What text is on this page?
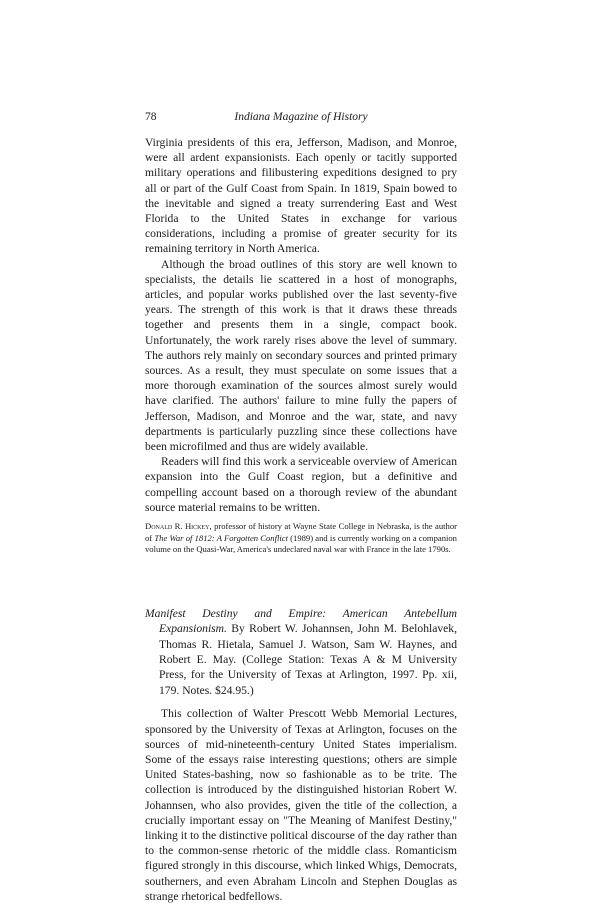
78	Indiana Magazine of History

Virginia presidents of this era, Jefferson, Madison, and Monroe, were all ardent expansionists. Each openly or tacitly supported military operations and filibustering expeditions designed to pry all or part of the Gulf Coast from Spain. In 1819, Spain bowed to the inevitable and signed a treaty surrendering East and West Florida to the United States in exchange for various considerations, including a promise of greater security for its remaining territory in North America.

Although the broad outlines of this story are well known to specialists, the details lie scattered in a host of monographs, articles, and popular works published over the last seventy-five years. The strength of this work is that it draws these threads together and presents them in a single, compact book. Unfortunately, the work rarely rises above the level of summary. The authors rely mainly on secondary sources and printed primary sources. As a result, they must speculate on some issues that a more thorough examination of the sources almost surely would have clarified. The authors' failure to mine fully the papers of Jefferson, Madison, and Monroe and the war, state, and navy departments is particularly puzzling since these collections have been microfilmed and thus are widely available.

Readers will find this work a serviceable overview of American expansion into the Gulf Coast region, but a definitive and compelling account based on a thorough review of the abundant source material remains to be written.

Donald R. Hickey, professor of history at Wayne State College in Nebraska, is the author of The War of 1812: A Forgotten Conflict (1989) and is currently working on a companion volume on the Quasi-War, America's undeclared naval war with France in the late 1790s.
Manifest Destiny and Empire: American Antebellum Expansionism. By Robert W. Johannsen, John M. Belohlavek, Thomas R. Hietala, Samuel J. Watson, Sam W. Haynes, and Robert E. May. (College Station: Texas A & M University Press, for the University of Texas at Arlington, 1997. Pp. xii, 179. Notes. $24.95.)

This collection of Walter Prescott Webb Memorial Lectures, sponsored by the University of Texas at Arlington, focuses on the sources of mid-nineteenth-century United States imperialism. Some of the essays raise interesting questions; others are simple United States-bashing, now so fashionable as to be trite. The collection is introduced by the distinguished historian Robert W. Johannsen, who also provides, given the title of the collection, a crucially important essay on "The Meaning of Manifest Destiny," linking it to the distinctive political discourse of the day rather than to the common-sense rhetoric of the middle class. Romanticism figured strongly in this discourse, which linked Whigs, Democrats, southerners, and even Abraham Lincoln and Stephen Douglas as strange rhetorical bedfellows.
